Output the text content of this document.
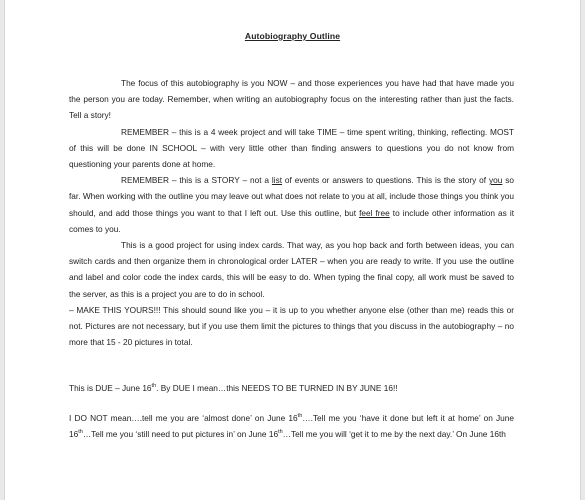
Autobiography Outline

The focus of this autobiography is you NOW – and those experiences you have had that have made you the person you are today. Remember, when writing an autobiography focus on the interesting rather than just the facts. Tell a story!

REMEMBER – this is a 4 week project and will take TIME – time spent writing, thinking, reflecting. MOST of this will be done IN SCHOOL – with very little other than finding answers to questions you do not know from questioning your parents done at home.

REMEMBER – this is a STORY – not a list of events or answers to questions. This is the story of you so far. When working with the outline you may leave out what does not relate to you at all, include those things you think you should, and add those things you want to that I left out. Use this outline, but feel free to include other information as it comes to you.

This is a good project for using index cards. That way, as you hop back and forth between ideas, you can switch cards and then organize them in chronological order LATER – when you are ready to write. If you use the outline and label and color code the index cards, this will be easy to do. When typing the final copy, all work must be saved to the server, as this is a project you are to do in school.

– MAKE THIS YOURS!!! This should sound like you – it is up to you whether anyone else (other than me) reads this or not. Pictures are not necessary, but if you use them limit the pictures to things that you discuss in the autobiography – no more that 15 - 20 pictures in total.

This is DUE – June 16th. By DUE I mean…this NEEDS TO BE TURNED IN BY JUNE 16!!

I DO NOT mean….tell me you are ‘almost done’ on June 16th….Tell me you ‘have it done but left it at home’ on June 16th…Tell me you ‘still need to put pictures in’ on June 16th…Tell me you will ‘get it to me by the next day.’ On June 16th
